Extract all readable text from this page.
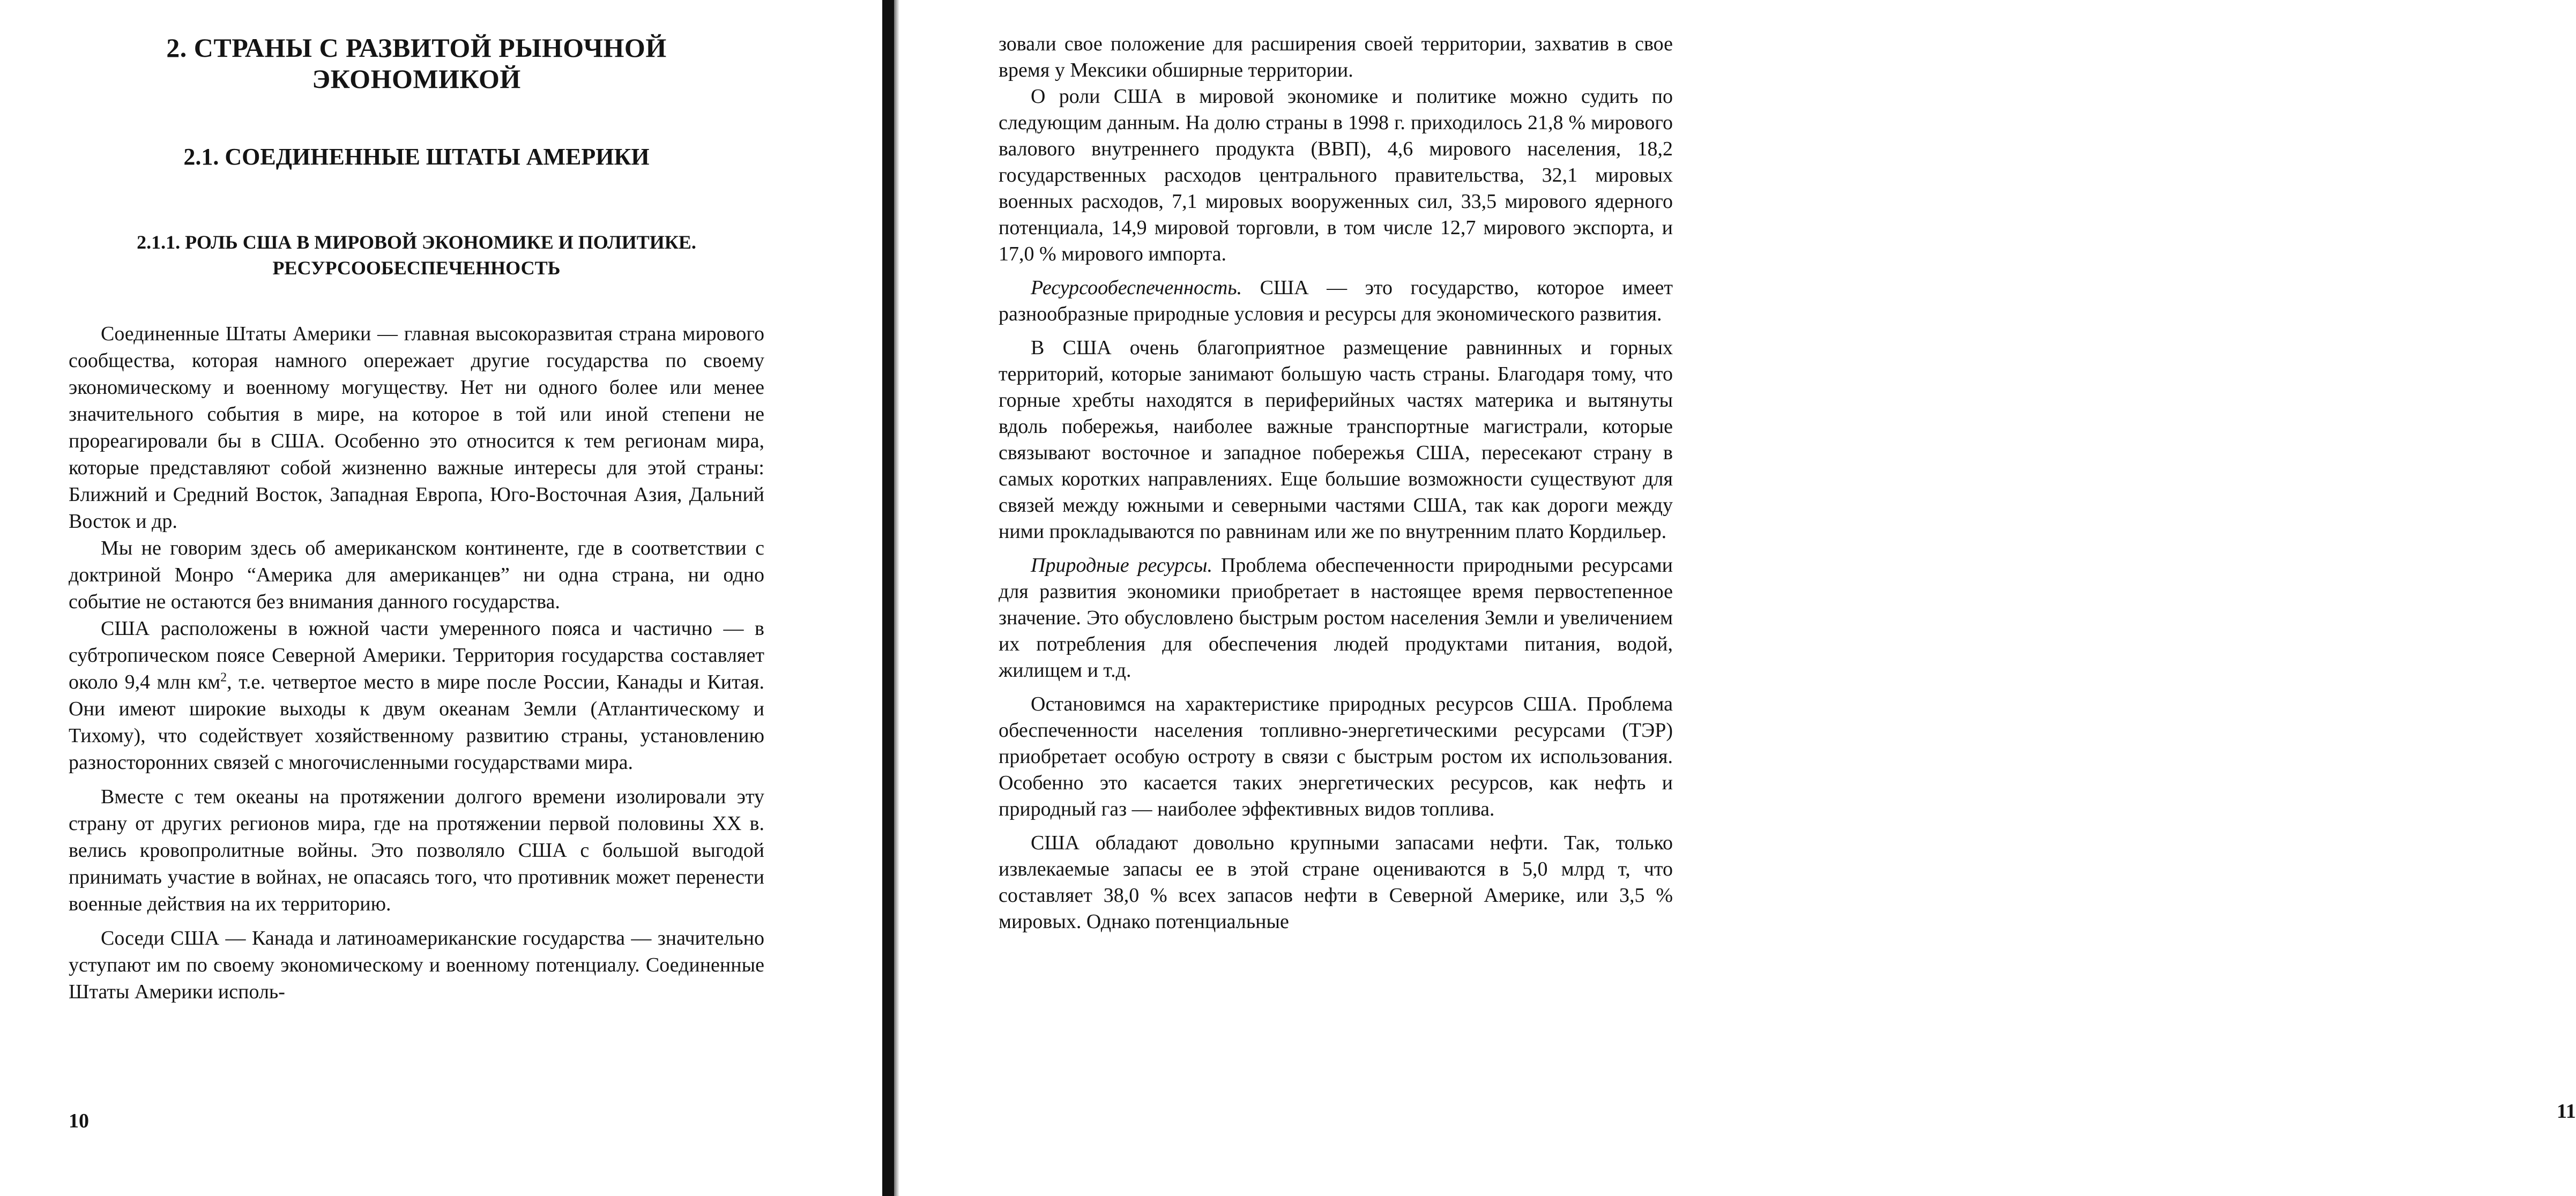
2. СТРАНЫ С РАЗВИТОЙ РЫНОЧНОЙ
ЭКОНОМИКОЙ
2.1. СОЕДИНЕННЫЕ ШТАТЫ АМЕРИКИ
2.1.1. РОЛЬ США В МИРОВОЙ ЭКОНОМИКЕ И ПОЛИТИКЕ.
РЕСУРСООБЕСПЕЧЕННОСТЬ

Соединенные Штаты Америки — главная высокоразвитая страна мирового сообщества, которая намного опережает другие государства по своему экономическому и военному могуществу. Нет ни одного более или менее значительного события в мире, на которое в той или иной степени не прореагировали бы в США. Особенно это относится к тем регионам мира, которые представляют собой жизненно важные интересы для этой страны: Ближний и Средний Восток, Западная Европа, Юго-Восточная Азия, Дальний Восток и др.

Мы не говорим здесь об американском континенте, где в соответствии с доктриной Монро “Америка для американцев” ни одна страна, ни одно событие не остаются без внимания данного государства.

США расположены в южной части умеренного пояса и частично — в субтропическом поясе Северной Америки. Территория государства составляет около 9,4 млн $км^2$, т.е. четвертое место в мире после России, Канады и Китая. Они имеют широкие выходы к двум океанам Земли (Атлантическому и Тихому), что содействует хозяйственному развитию страны, установлению разносторонних связей с многочисленными государствами мира.

Вместе с тем океаны на протяжении долгого времени изолировали эту страну от других регионов мира, где на протяжении первой половины XX в. велись кровопролитные войны. Это позволяло США с большой выгодой принимать участие в войнах, не опасаясь того, что противник может перенести военные действия на их территорию.

Соседи США — Канада и латиноамериканские государства — значительно уступают им по своему экономическому и военному потенциалу. Соединенные Штаты Америки исполь-

10

зовали свое положение для расширения своей территории, захватив в свое время у Мексики обширные территории.

О роли США в мировой экономике и политике можно судить по следующим данным. На долю страны в 1998 г. приходилось 21,8 % мирового валового внутреннего продукта (ВВП), 4,6 мирового населения, 18,2 государственных расходов центрального правительства, 32,1 мировых военных расходов, 7,1 мировых вооруженных сил, 33,5 мирового ядерного потенциала, 14,9 мировой торговли, в том числе 12,7 мирового экспорта, и 17,0 % мирового импорта.

Ресурсообеспеченность. США — это государство, которое имеет разнообразные природные условия и ресурсы для экономического развития.

В США очень благоприятное размещение равнинных и горных территорий, которые занимают большую часть страны. Благодаря тому, что горные хребты находятся в периферийных частях материка и вытянуты вдоль побережья, наиболее важные транспортные магистрали, которые связывают восточное и западное побережья США, пересекают страну в самых коротких направлениях. Еще большие возможности существуют для связей между южными и северными частями США, так как дороги между ними прокладываются по равнинам или же по внутренним плато Кордильер.

Природные ресурсы. Проблема обеспеченности природными ресурсами для развития экономики приобретает в настоящее время первостепенное значение. Это обусловлено быстрым ростом населения Земли и увеличением их потребления для обеспечения людей продуктами питания, водой, жилищем и т.д.

Остановимся на характеристике природных ресурсов США. Проблема обеспеченности населения топливно-энергетическими ресурсами (ТЭР) приобретает особую остроту в связи с быстрым ростом их использования. Особенно это касается таких энергетических ресурсов, как нефть и природный газ — наиболее эффективных видов топлива.

США обладают довольно крупными запасами нефти. Так, только извлекаемые запасы ее в этой стране оцениваются в 5,0 млрд т, что составляет 38,0 % всех запасов нефти в Северной Америке, или 3,5 % мировых. Однако потенциальные

11
